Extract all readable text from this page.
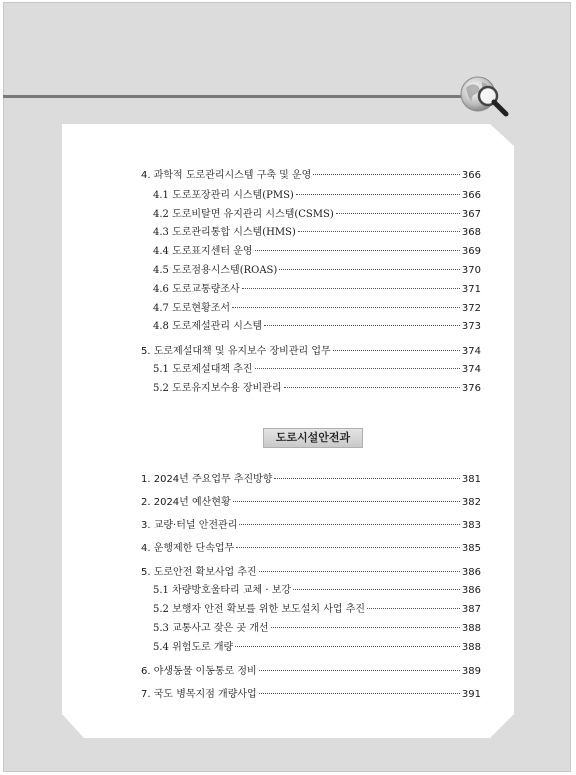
4. 과학적 도로관리시스템 구축 및 운영	366
4.1 도로포장관리 시스템(PMS)	366
4.2 도로비탈면 유지관리 시스템(CSMS)	367
4.3 도로관리통합 시스템(HMS)	368
4.4 도로표지센터 운영	369
4.5 도로점용시스템(ROAS)	370
4.6 도로교통량조사	371
4.7 도로현황조서	372
4.8 도로제설관리 시스템	373
5. 도로제설대책 및 유지보수 장비관리 업무	374
5.1 도로제설대책 추진	374
5.2 도로유지보수용 장비관리	376
도로시설안전과
1. 2024년 주요업무 추진방향	381
2. 2024년 예산현황	382
3. 교량·터널 안전관리	383
4. 운행제한 단속업무	385
5. 도로안전 확보사업 추진	386
5.1 차량방호울타리 교체 · 보강	386
5.2 보행자 안전 확보를 위한 보도설치 사업 추진	387
5.3 교통사고 잦은 곳 개선	388
5.4 위험도로 개량	388
6. 야생동물 이동통로 정비	389
7. 국도 병목지점 개량사업	391
